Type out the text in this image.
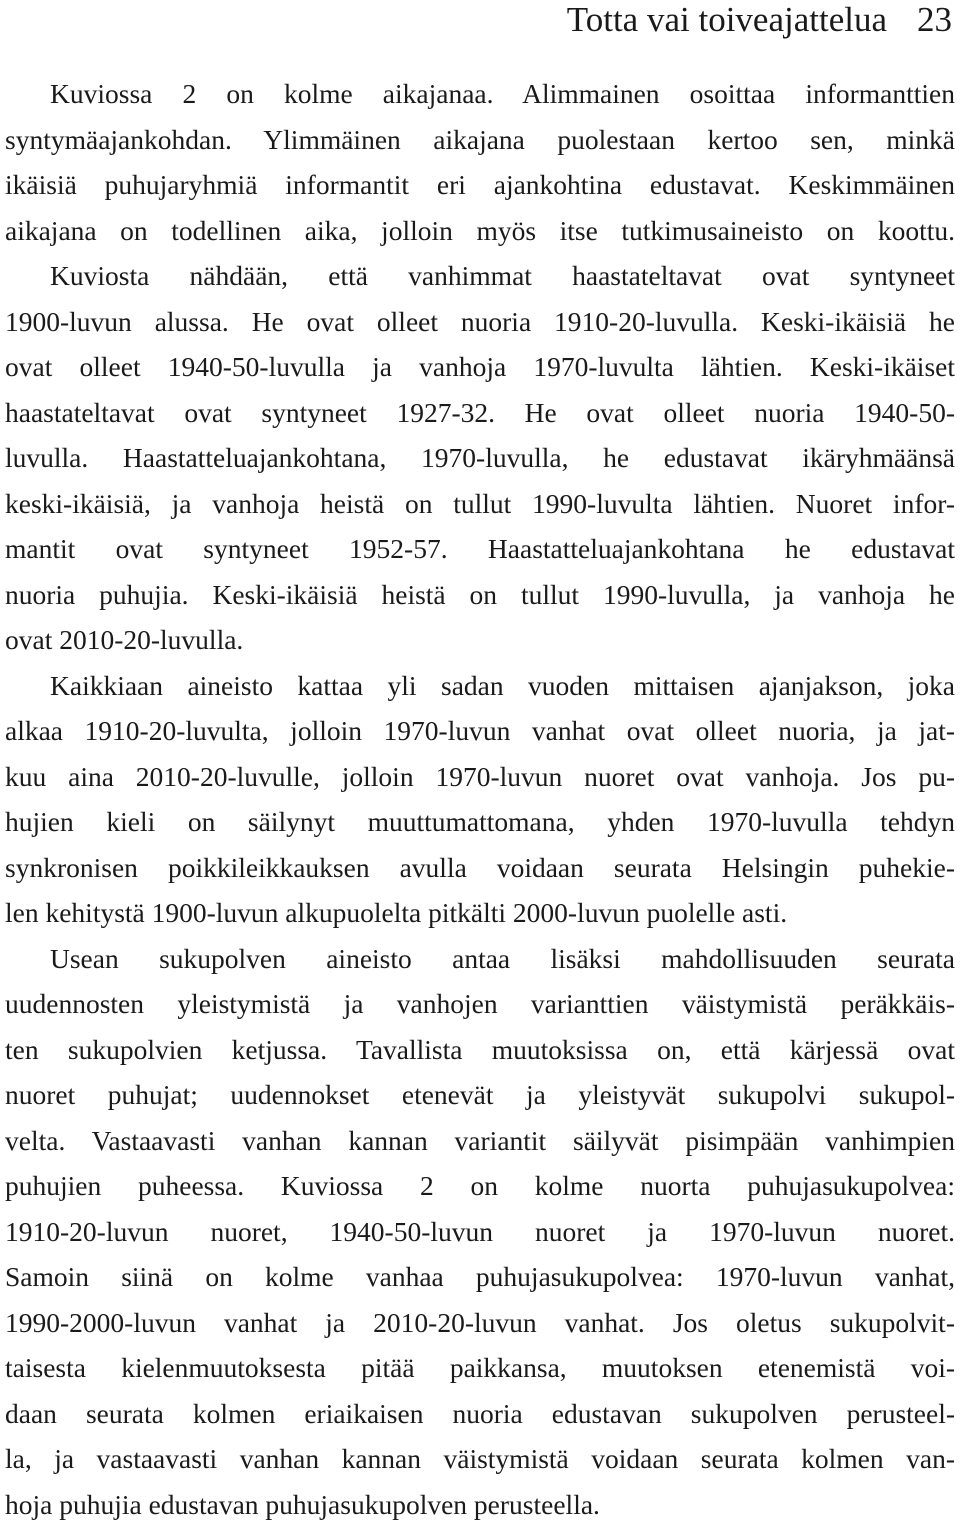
Totta vai toiveajattelua 23
Kuviossa 2 on kolme aikajanaa. Alimmainen osoittaa informanttien
syntymäajankohdan. Ylimmäinen aikajana puolestaan kertoo sen, minkä
ikäisiä puhujaryhmiä informantit eri ajankohtina edustavat. Keskimmäinen
aikajana on todellinen aika, jolloin myös itse tutkimusaineisto on koottu.
Kuviosta nähdään, että vanhimmat haastateltavat ovat syntyneet
1900-luvun alussa. He ovat olleet nuoria 1910-20-luvulla. Keski-ikäisiä he
ovat olleet 1940-50-luvulla ja vanhoja 1970-luvulta lähtien. Keski-ikäiset
haastateltavat ovat syntyneet 1927-32. He ovat olleet nuoria 1940-50-
luvulla. Haastatteluajankohtana, 1970-luvulla, he edustavat ikäryhmäänsä
keski-ikäisiä, ja vanhoja heistä on tullut 1990-luvulta lähtien. Nuoret infor-
mantit ovat syntyneet 1952-57. Haastatteluajankohtana he edustavat
nuoria puhujia. Keski-ikäisiä heistä on tullut 1990-luvulla, ja vanhoja he
ovat 2010-20-luvulla.
Kaikkiaan aineisto kattaa yli sadan vuoden mittaisen ajanjakson, joka
alkaa 1910-20-luvulta, jolloin 1970-luvun vanhat ovat olleet nuoria, ja jat-
kuu aina 2010-20-luvulle, jolloin 1970-luvun nuoret ovat vanhoja. Jos pu-
hujien kieli on säilynyt muuttumattomana, yhden 1970-luvulla tehdyn
synkronisen poikkileikkauksen avulla voidaan seurata Helsingin puhekie-
len kehitystä 1900-luvun alkupuolelta pitkälti 2000-luvun puolelle asti.
Usean sukupolven aineisto antaa lisäksi mahdollisuuden seurata
uudennosten yleistymistä ja vanhojen varianttien väistymistä peräkkäis-
ten sukupolvien ketjussa. Tavallista muutoksissa on, että kärjessä ovat
nuoret puhujat; uudennokset etenevät ja yleistyvät sukupolvi sukupol-
velta. Vastaavasti vanhan kannan variantit säilyvät pisimpään vanhimpien
puhujien puheessa. Kuviossa 2 on kolme nuorta puhujasukupolvea:
1910-20-luvun nuoret, 1940-50-luvun nuoret ja 1970-luvun nuoret.
Samoin siinä on kolme vanhaa puhujasukupolvea: 1970-luvun vanhat,
1990-2000-luvun vanhat ja 2010-20-luvun vanhat. Jos oletus sukupolvit-
taisesta kielenmuutoksesta pitää paikkansa, muutoksen etenemistä voi-
daan seurata kolmen eriaikaisen nuoria edustavan sukupolven perusteel-
la, ja vastaavasti vanhan kannan väistymistä voidaan seurata kolmen van-
hoja puhujia edustavan puhujasukupolven perusteella.
